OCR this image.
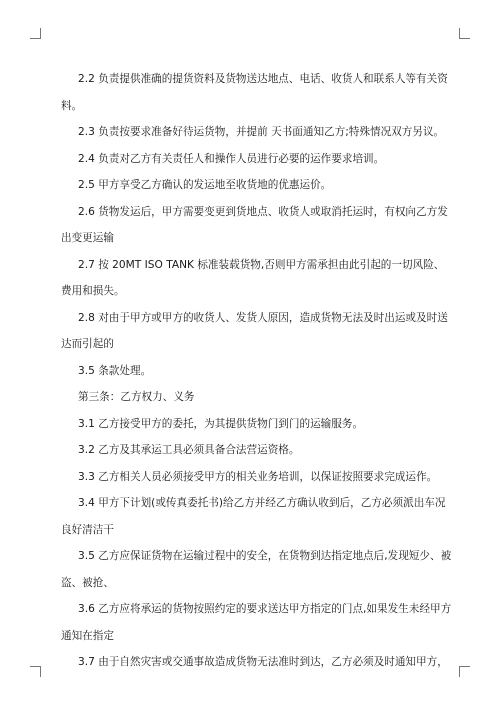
2.2 负责提供准确的提货资料及货物送达地点、电话、收货人和联系人等有关资

料。

2.3 负责按要求准备好待运货物，并提前 天书面通知乙方;特殊情况双方另议。

2.4 负责对乙方有关责任人和操作人员进行必要的运作要求培训。

2.5 甲方享受乙方确认的发运地至收货地的优惠运价。

2.6 货物发运后，甲方需要变更到货地点、收货人或取消托运时，有权向乙方发

出变更运输

2.7 按 20MT ISO TANK 标准装载货物,否则甲方需承担由此引起的一切风险、

费用和损失。

2.8 对由于甲方或甲方的收货人、发货人原因，造成货物无法及时出运或及时送

达而引起的

3.5 条款处理。

第三条：乙方权力、义务

3.1 乙方接受甲方的委托，为其提供货物门到门的运输服务。

3.2 乙方及其承运工具必须具备合法营运资格。

3.3 乙方相关人员必须接受甲方的相关业务培训，以保证按照要求完成运作。

3.4 甲方下计划(或传真委托书)给乙方并经乙方确认收到后，乙方必须派出车况

良好清洁干

3.5 乙方应保证货物在运输过程中的安全，在货物到达指定地点后,发现短少、被

盗、被抢、

3.6 乙方应将承运的货物按照约定的要求送达甲方指定的门点,如果发生未经甲方

通知在指定

3.7 由于自然灾害或交通事故造成货物无法准时到达，乙方必须及时通知甲方，
